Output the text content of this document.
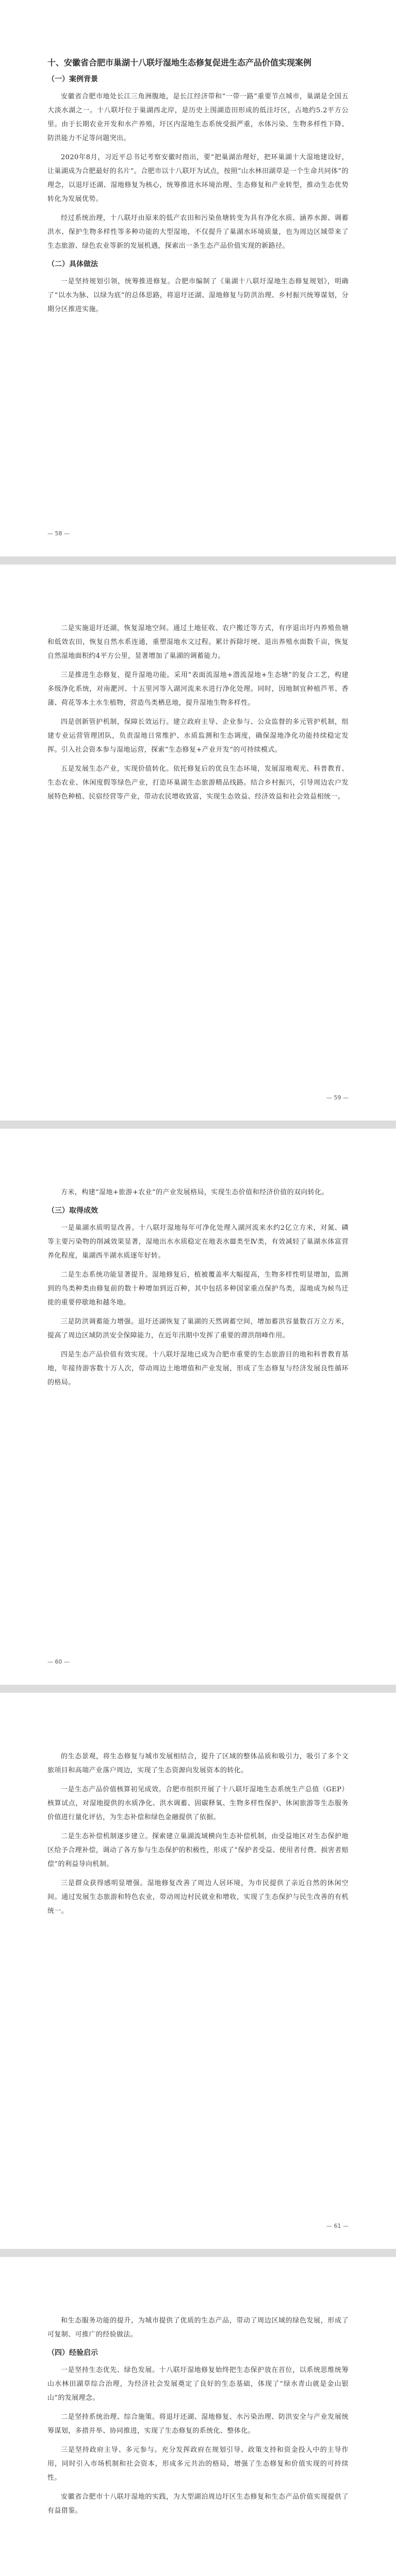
十、安徽省合肥市巢湖十八联圩湿地生态修复促进生态产品价值实现案例
（一）案例背景

安徽省合肥市地处长江三角洲腹地，是长江经济带和“一带一路”重要节点城市，巢湖是全国五大淡水湖之一。十八联圩位于巢湖西北岸，是历史上围湖造田形成的低洼圩区，占地约5.2平方公里。由于长期农业开发和水产养殖，圩区内湿地生态系统受损严重，水体污染、生物多样性下降、防洪能力不足等问题突出。

2020年8月，习近平总书记考察安徽时指出，要“把巢湖治理好，把环巢湖十大湿地建设好，让巢湖成为合肥最好的名片”。合肥市以十八联圩为试点，按照“山水林田湖草是一个生命共同体”的理念，以退圩还湖、湿地修复为核心，统筹推进水环境治理、生态修复和产业转型，推动生态优势转化为发展优势。

经过系统治理，十八联圩由原来的低产农田和污染鱼塘转变为具有净化水质、涵养水源、调蓄洪水、保护生物多样性等多种功能的大型湿地，不仅提升了巢湖水环境质量，也为周边区域带来了生态旅游、绿色农业等新的发展机遇，探索出一条生态产品价值实现的新路径。

（二）具体做法

一是坚持规划引领，统筹推进修复。合肥市编制了《巢湖十八联圩湿地生态修复规划》，明确了“以水为脉、以绿为底”的总体思路，将退圩还湖、湿地修复与防洪治理、乡村振兴统筹谋划，分期分区推进实施。

— 58 —

二是实施退圩还湖，恢复湿地空间。通过土地征收、农户搬迁等方式，有序退出圩内养殖鱼塘和低效农田，恢复自然水系连通，重塑湿地水文过程。累计拆除圩埂、退出养殖水面数千亩，恢复自然湿地面积约4平方公里，显著增加了巢湖的调蓄能力。

三是推进生态修复，提升湿地功能。采用“表面流湿地+潜流湿地+生态塘”的复合工艺，构建多级净化系统，对南淝河、十五里河等入湖河流来水进行净化处理。同时，因地制宜种植芦苇、香蒲、荷花等本土水生植物，营造鸟类栖息地，提升湿地生物多样性。

四是创新管护机制，保障长效运行。建立政府主导、企业参与、公众监督的多元管护机制，组建专业运营管理团队，负责湿地日常维护、水质监测和生态调度，确保湿地净化功能持续稳定发挥。引入社会资本参与湿地运营，探索“生态修复+产业开发”的可持续模式。

五是发展生态产业，实现价值转化。依托修复后的优良生态环境，发展湿地观光、科普教育、生态农业、休闲度假等绿色产业，打造环巢湖生态旅游精品线路。结合乡村振兴，引导周边农户发展特色种植、民宿经营等产业，带动农民增收致富，实现生态效益、经济效益和社会效益相统一。

— 59 —

方米，构建“湿地+旅游+农业”的产业发展格局，实现生态价值和经济价值的双向转化。

（三）取得成效

一是巢湖水质明显改善。十八联圩湿地每年可净化处理入湖河流来水约2亿立方米，对氮、磷等主要污染物的削减效果显著，湿地出水水质稳定在地表水Ⅲ类至Ⅳ类，有效减轻了巢湖水体富营养化程度，巢湖西半湖水质逐年好转。

二是生态系统功能显著提升。湿地修复后，植被覆盖率大幅提高，生物多样性明显增加，监测到的鸟类种类由修复前的数十种增加到近百种，其中包括多种国家重点保护鸟类，湿地成为候鸟迁徙的重要停歇地和越冬地。

三是防洪调蓄能力增强。退圩还湖恢复了巢湖的天然调蓄空间，增加蓄洪容量数百万立方米，提高了周边区域防洪安全保障能力，在近年汛期中发挥了重要的滞洪削峰作用。

四是生态产品价值有效实现。十八联圩湿地已成为合肥市重要的生态旅游目的地和科普教育基地，年接待游客数十万人次，带动周边土地增值和产业发展，形成了生态修复与经济发展良性循环的格局。

— 60 —

的生态景观，将生态修复与城市发展相结合，提升了区域的整体品质和吸引力，吸引了多个文旅项目和高端产业落户周边，实现了生态资源向发展资本的转化。

一是生态产品价值核算初见成效。合肥市组织开展了十八联圩湿地生态系统生产总值（GEP）核算试点，对湿地提供的水质净化、洪水调蓄、固碳释氧、生物多样性保护、休闲旅游等生态服务价值进行量化评估，为生态补偿和绿色金融提供了依据。

二是生态补偿机制逐步建立。探索建立巢湖流域横向生态补偿机制，由受益地区对生态保护地区给予合理补偿，调动了各方参与生态保护的积极性，形成了“保护者受益、使用者付费、损害者赔偿”的利益导向机制。

三是群众获得感明显增强。湿地修复改善了周边人居环境，为市民提供了亲近自然的休闲空间。通过发展生态旅游和特色农业，带动周边村民就业和增收，实现了生态保护与民生改善的有机统一。

— 61 —

和生态服务功能的提升，为城市提供了优质的生态产品，带动了周边区域的绿色发展，形成了可复制、可推广的经验做法。

（四）经验启示

一是坚持生态优先、绿色发展。十八联圩湿地修复始终把生态保护放在首位，以系统思维统筹山水林田湖草综合治理，为经济社会发展奠定了良好的生态基础，体现了“绿水青山就是金山银山”的发展理念。

二是坚持系统治理、综合施策。将退圩还湖、湿地修复、水污染治理、防洪安全与产业发展统筹谋划，多措并举、协同推进，实现了生态修复的系统化、整体化。

三是坚持政府主导、多元参与。充分发挥政府在规划引导、政策支持和资金投入中的主导作用，同时引入市场机制和社会资本，形成多元共治的格局，增强了生态修复和价值实现的可持续性。

安徽省合肥市十八联圩湿地的实践，为大型湖泊周边圩区生态修复和生态产品价值实现提供了有益借鉴。
